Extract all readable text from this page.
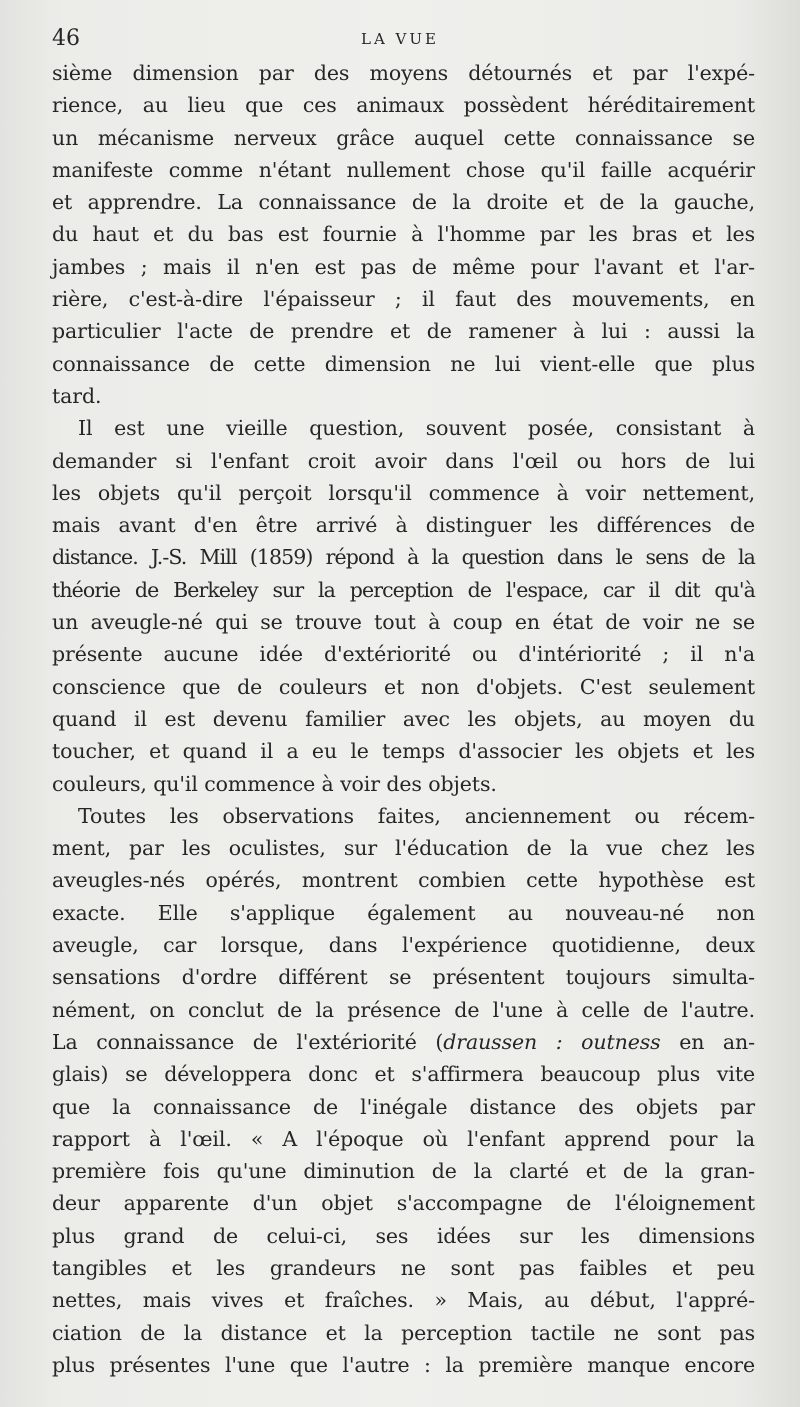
46	LA VUE
sième dimension par des moyens détournés et par l'expé-
rience, au lieu que ces animaux possèdent héréditairement
un mécanisme nerveux grâce auquel cette connaissance se
manifeste comme n'étant nullement chose qu'il faille acquérir
et apprendre. La connaissance de la droite et de la gauche,
du haut et du bas est fournie à l'homme par les bras et les
jambes ; mais il n'en est pas de même pour l'avant et l'ar-
rière, c'est-à-dire l'épaisseur ; il faut des mouvements, en
particulier l'acte de prendre et de ramener à lui : aussi la
connaissance de cette dimension ne lui vient-elle que plus
tard.
Il est une vieille question, souvent posée, consistant à
demander si l'enfant croit avoir dans l'œil ou hors de lui
les objets qu'il perçoit lorsqu'il commence à voir nettement,
mais avant d'en être arrivé à distinguer les différences de
distance. J.-S. Mill (1859) répond à la question dans le sens de la
théorie de Berkeley sur la perception de l'espace, car il dit qu'à
un aveugle-né qui se trouve tout à coup en état de voir ne se
présente aucune idée d'extériorité ou d'intériorité ; il n'a
conscience que de couleurs et non d'objets. C'est seulement
quand il est devenu familier avec les objets, au moyen du
toucher, et quand il a eu le temps d'associer les objets et les
couleurs, qu'il commence à voir des objets.
Toutes les observations faites, anciennement ou récem-
ment, par les oculistes, sur l'éducation de la vue chez les
aveugles-nés opérés, montrent combien cette hypothèse est
exacte. Elle s'applique également au nouveau-né non
aveugle, car lorsque, dans l'expérience quotidienne, deux
sensations d'ordre différent se présentent toujours simulta-
nément, on conclut de la présence de l'une à celle de l'autre.
La connaissance de l'extériorité (draussen : outness en an-
glais) se développera donc et s'affirmera beaucoup plus vite
que la connaissance de l'inégale distance des objets par
rapport à l'œil. « A l'époque où l'enfant apprend pour la
première fois qu'une diminution de la clarté et de la gran-
deur apparente d'un objet s'accompagne de l'éloignement
plus grand de celui-ci, ses idées sur les dimensions
tangibles et les grandeurs ne sont pas faibles et peu
nettes, mais vives et fraîches. » Mais, au début, l'appré-
ciation de la distance et la perception tactile ne sont pas
plus présentes l'une que l'autre : la première manque encore
